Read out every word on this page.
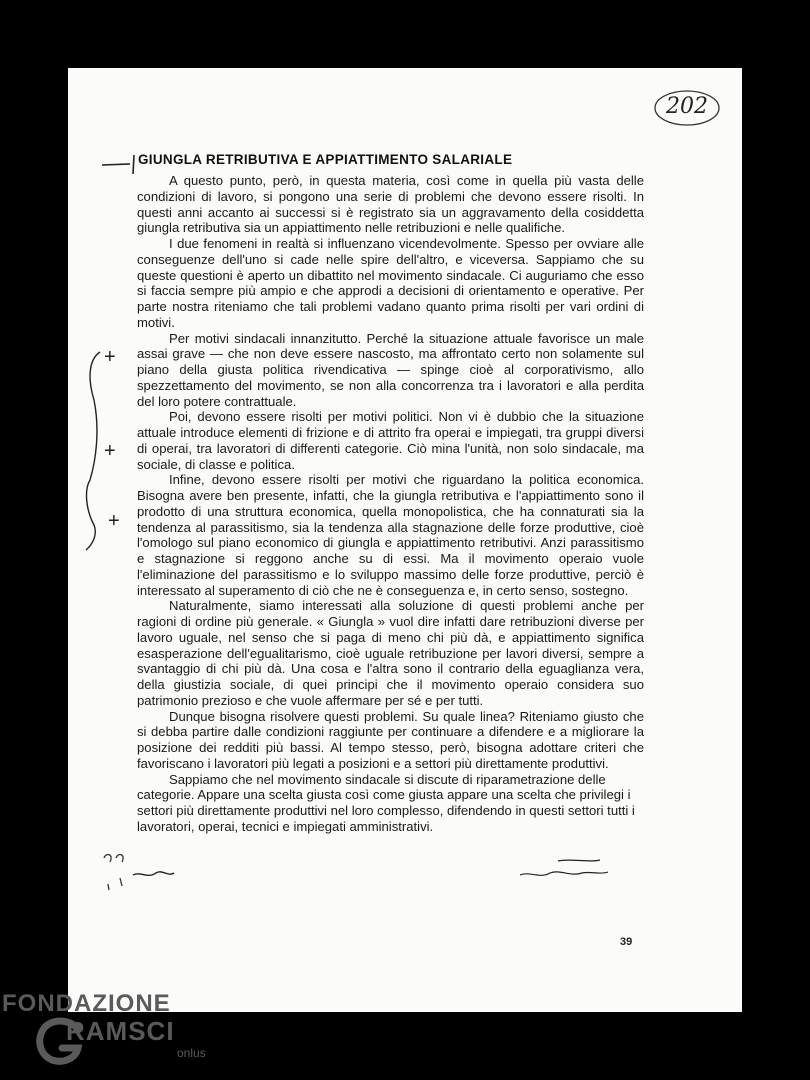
202
GIUNGLA RETRIBUTIVA E APPIATTIMENTO SALARIALE

A questo punto, però, in questa materia, così come in quella più vasta delle condizioni di lavoro, si pongono una serie di problemi che devono essere risolti. In questi anni accanto ai successi si è registrato sia un aggravamento della cosiddetta giungla retributiva sia un appiattimento nelle retribuzioni e nelle qualifiche.

I due fenomeni in realtà si influenzano vicendevolmente. Spesso per ovviare alle conseguenze dell'uno si cade nelle spire dell'altro, e viceversa. Sappiamo che su queste questioni è aperto un dibattito nel movimento sindacale. Ci auguriamo che esso si faccia sempre più ampio e che approdi a decisioni di orientamento e operative. Per parte nostra riteniamo che tali problemi vadano quanto prima risolti per vari ordini di motivi.

Per motivi sindacali innanzitutto. Perché la situazione attuale favorisce un male assai grave — che non deve essere nascosto, ma affrontato certo non solamente sul piano della giusta politica rivendicativa — spinge cioè al corporativismo, allo spezzettamento del movimento, se non alla concorrenza tra i lavoratori e alla perdita del loro potere contrattuale.

Poi, devono essere risolti per motivi politici. Non vi è dubbio che la situazione attuale introduce elementi di frizione e di attrito fra operai e impiegati, tra gruppi diversi di operai, tra lavoratori di differenti categorie. Ciò mina l'unità, non solo sindacale, ma sociale, di classe e politica.

Infine, devono essere risolti per motivi che riguardano la politica economica. Bisogna avere ben presente, infatti, che la giungla retributiva e l'appiattimento sono il prodotto di una struttura economica, quella monopolistica, che ha connaturati sia la tendenza al parassitismo, sia la tendenza alla stagnazione delle forze produttive, cioè l'omologo sul piano economico di giungla e appiattimento retributivi. Anzi parassitismo e stagnazione si reggono anche su di essi. Ma il movimento operaio vuole l'eliminazione del parassitismo e lo sviluppo massimo delle forze produttive, perciò è interessato al superamento di ciò che ne è conseguenza e, in certo senso, sostegno.

Naturalmente, siamo interessati alla soluzione di questi problemi anche per ragioni di ordine più generale. « Giungla » vuol dire infatti dare retribuzioni diverse per lavoro uguale, nel senso che si paga di meno chi più dà, e appiattimento significa esasperazione dell'egualitarismo, cioè uguale retribuzione per lavori diversi, sempre a svantaggio di chi più dà. Una cosa e l'altra sono il contrario della eguaglianza vera, della giustizia sociale, di quei principi che il movimento operaio considera suo patrimonio prezioso e che vuole affermare per sé e per tutti.

Dunque bisogna risolvere questi problemi. Su quale linea? Riteniamo giusto che si debba partire dalle condizioni raggiunte per continuare a difendere e a migliorare la posizione dei redditi più bassi. Al tempo stesso, però, bisogna adottare criteri che favoriscano i lavoratori più legati a posizioni e a settori più direttamente produttivi.

Sappiamo che nel movimento sindacale si discute di riparametrazione delle categorie. Appare una scelta giusta così come giusta appare una scelta che privilegi i settori più direttamente produttivi nel loro complesso, difendendo in questi settori tutti i lavoratori, operai, tecnici e impiegati amministrativi.

+
+
+
39
FONDAZIONE
RAMSCI
onlus
